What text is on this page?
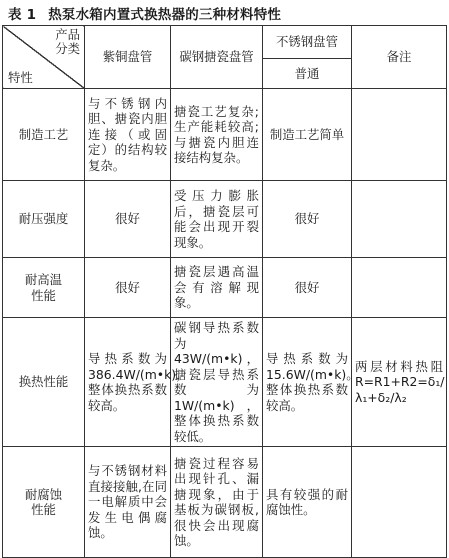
表 1 热泵水箱内置式换热器的三种材料特性
产品
分类
特性	紫铜盘管	碳钢搪瓷盘管	不锈钢盘管	备注
			普通	
制造工艺	与不锈钢内胆、搪瓷内胆连接（或固定）的结构较复杂。	搪瓷工艺复杂;生产能耗较高;与搪瓷内胆连接结构复杂。	制造工艺简单	
耐压强度	很好	受压力膨胀后，搪瓷层可能会出现开裂现象。	很好	

耐高温
性能	很好	搪瓷层遇高温会有溶解现象。	很好	
换热性能	导热系数为386.4W/(m•k)，整体换热系数较高。	碳钢导热系数为43W/(m•k)，搪瓷层导热系数为1W/(m•k)，整体换热系数较低。	导热系数为15.6W/(m•k)。整体换热系数较高。	两层材料热阻R=R1+R2=δ₁/λ₁+δ₂/λ₂

耐腐蚀
性能	与不锈钢材料直接接触,在同一电解质中会发生电偶腐蚀。	搪瓷过程容易出现针孔、漏搪现象，由于基板为碳钢板,很快会出现腐蚀。	具有较强的耐腐蚀性。	
